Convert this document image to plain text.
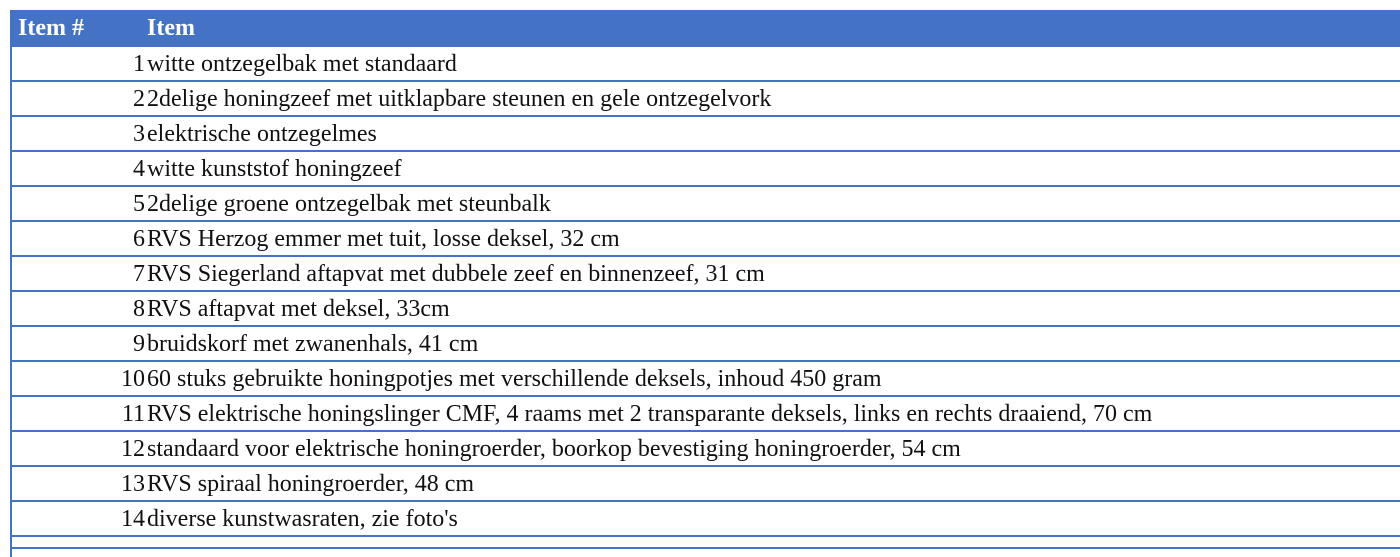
Item #	Item
1 witte ontzegelbak met standaard
2 2delige honingzeef met uitklapbare steunen en gele ontzegelvork
3 elektrische ontzegelmes
4 witte kunststof honingzeef
5 2delige groene ontzegelbak met steunbalk
6 RVS Herzog emmer met tuit, losse deksel, 32 cm
7 RVS Siegerland aftapvat met dubbele zeef en binnenzeef, 31 cm
8 RVS aftapvat met deksel, 33cm
9 bruidskorf met zwanenhals, 41 cm
10 60 stuks gebruikte honingpotjes met verschillende deksels, inhoud 450 gram
11 RVS elektrische honingslinger CMF, 4 raams met 2 transparante deksels, links en rechts draaiend, 70 cm
12 standaard voor elektrische honingroerder, boorkop bevestiging honingroerder, 54 cm
13 RVS spiraal honingroerder, 48 cm
14 diverse kunstwasraten, zie foto's
